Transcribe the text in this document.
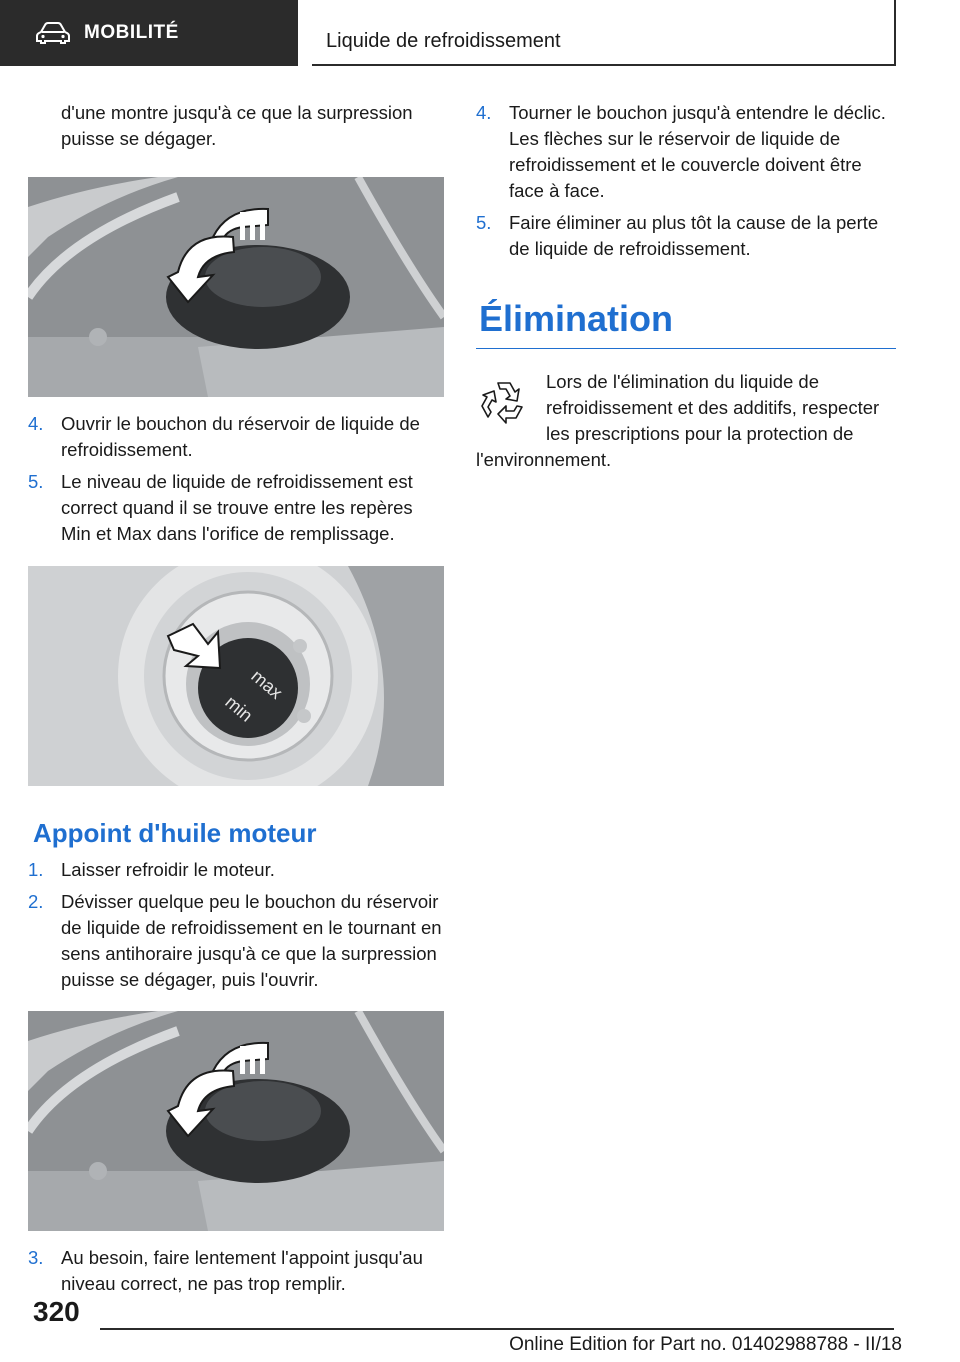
MOBILITÉ	Liquide de refroidissement

d'une montre jusqu'à ce que la surpression puisse se dégager.

4. Ouvrir le bouchon du réservoir de liquide de refroidissement.
5. Le niveau de liquide de refroidissement est correct quand il se trouve entre les repères Min et Max dans l'orifice de remplissage.
max
min
Appoint d'huile moteur
1. Laisser refroidir le moteur.
2. Dévisser quelque peu le bouchon du réservoir de liquide de refroidissement en le tournant en sens antihoraire jusqu'à ce que la surpression puisse se dégager, puis l'ouvrir.
3. Au besoin, faire lentement l'appoint jusqu'au niveau correct, ne pas trop remplir.
4. Tourner le bouchon jusqu'à entendre le déclic. Les flèches sur le réservoir de liquide de refroidissement et le couvercle doivent être face à face.
5. Faire éliminer au plus tôt la cause de la perte de liquide de refroidissement.
Élimination

Lors de l'élimination du liquide de refroidissement et des additifs, respecter les prescriptions pour la protection de l'environnement.

320
Online Edition for Part no. 01402988788 - II/18
